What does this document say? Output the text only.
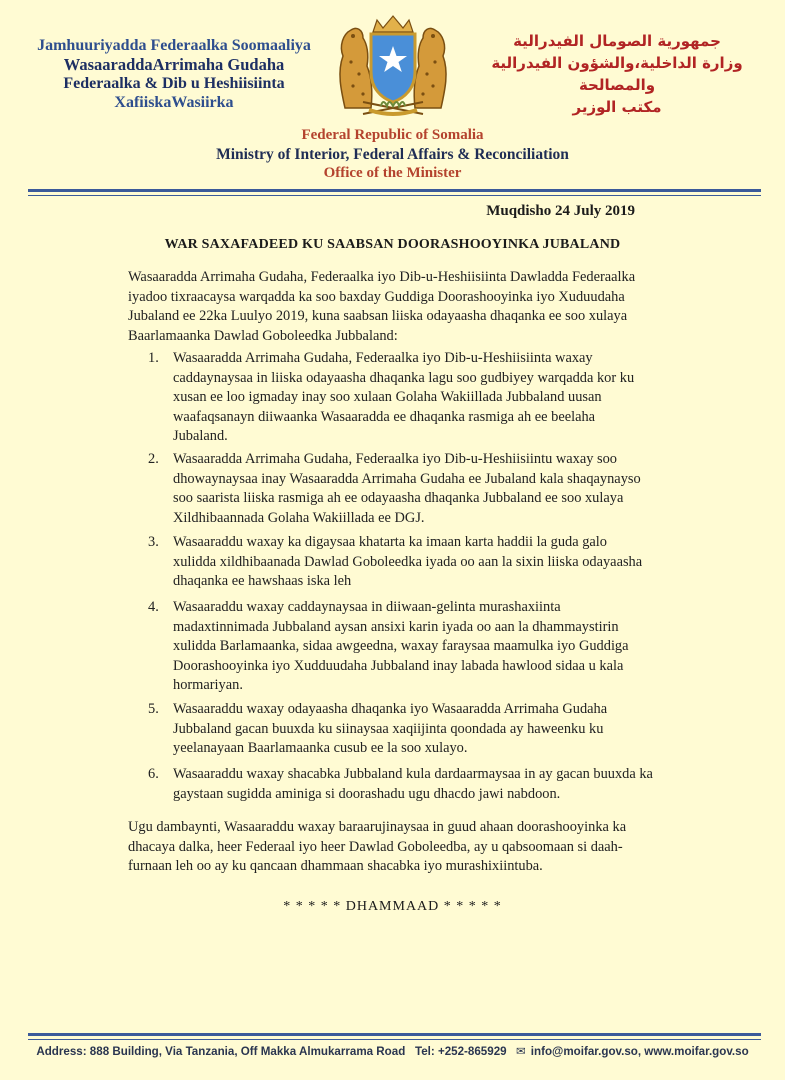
Jamhuuriyadda Federaalka Soomaaliya
WasaaraddaArrimaha Gudaha
Federaalka & Dib u Heshiisiinta
XafiiskaWasiirka
جمهورية الصومال الفيدرالية
وزارة الداخلية،والشؤون الفيدرالية والمصالحة
مكتب الوزير
Federal Republic of Somalia
Ministry of Interior, Federal Affairs & Reconciliation
Office of the Minister
Muqdisho 24 July 2019
WAR SAXAFADEED KU SAABSAN DOORASHOOYINKA JUBALAND
Wasaaradda Arrimaha Gudaha, Federaalka iyo Dib-u-Heshiisiinta Dawladda Federaalka iyadoo tixraacaysa warqadda ka soo baxday Guddiga Doorashooyinka iyo Xuduudaha Jubaland ee 22ka Luulyo 2019, kuna saabsan liiska odayaasha dhaqanka ee soo xulaya Baarlamaanka Dawlad Goboleedka Jubbaland:
1. Wasaaradda Arrimaha Gudaha, Federaalka iyo Dib-u-Heshiisiinta waxay caddaynaysaa in liiska odayaasha dhaqanka lagu soo gudbiyey warqadda kor ku xusan ee loo igmaday inay soo xulaan Golaha Wakiillada Jubbaland uusan waafaqsanayn diiwaanka Wasaaradda ee dhaqanka rasmiga ah ee beelaha Jubaland.
2. Wasaaradda Arrimaha Gudaha, Federaalka iyo Dib-u-Heshiisiintu waxay soo dhowaynaysaa inay Wasaaradda Arrimaha Gudaha ee Jubaland kala shaqaynayso soo saarista liiska rasmiga ah ee odayaasha dhaqanka Jubbaland ee soo xulaya Xildhibaannada Golaha Wakiillada ee DGJ.
3. Wasaaraddu waxay ka digaysaa khatarta ka imaan karta haddii la guda galo xulidda xildhibaanada Dawlad Goboleedka iyada oo aan la sixin liiska odayaasha dhaqanka ee hawshaas iska leh
4. Wasaaraddu waxay caddaynaysaa in diiwaan-gelinta murashaxiinta madaxtinnimada Jubbaland aysan ansixi karin iyada oo aan la dhammaystirin xulidda Barlamaanka, sidaa awgeedna, waxay faraysaa maamulka iyo Guddiga Doorashooyinka iyo Xudduudaha Jubbaland inay labada hawlood sidaa u kala hormariyan.
5. Wasaaraddu waxay odayaasha dhaqanka iyo Wasaaradda Arrimaha Gudaha Jubbaland gacan buuxda ku siinaysaa xaqiijinta qoondada ay haweenku ku yeelanayaan Baarlamaanka cusub ee la soo xulayo.
6. Wasaaraddu waxay shacabka Jubbaland kula dardaarmaysaa in ay gacan buuxda ka gaystaan sugidda aminiga si doorashadu ugu dhacdo jawi nabdoon.
Ugu dambaynti, Wasaaraddu waxay baraarujinaysaa in guud ahaan doorashooyinka ka dhacaya dalka, heer Federaal iyo heer Dawlad Goboleedba, ay u qabsoomaan si daah-furnaan leh oo ay ku qancaan dhammaan shacabka iyo murashixiintuba.
* * * * * DHAMMAAD * * * * *
Address: 888 Building, Via Tanzania, Off Makka Almukarrama Road Tel: +252-865929 ✉ info@moifar.gov.so, www.moifar.gov.so
